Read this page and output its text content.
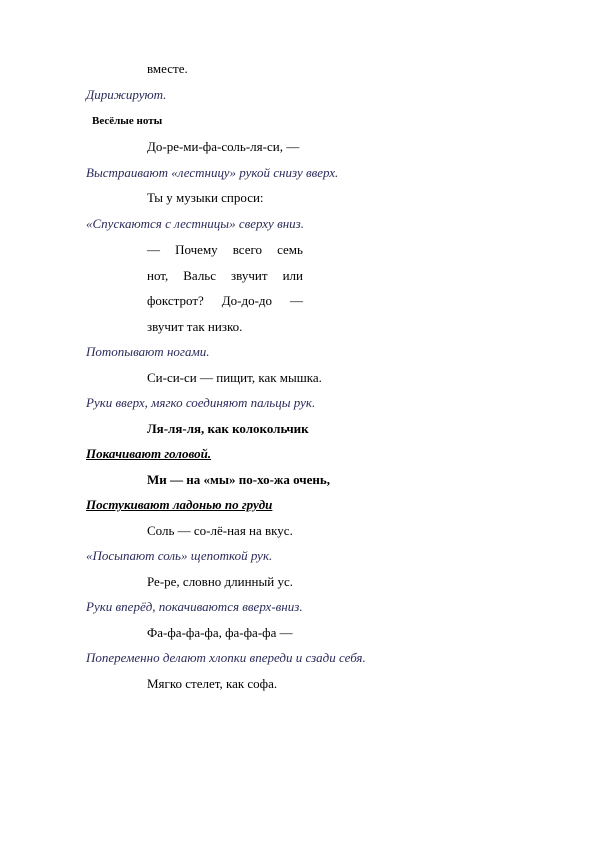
вместе.
Дирижируют.
Весёлые ноты
До-ре-ми-фа-соль-ля-си, —
Выстраивают «лестницу» рукой снизу вверх.
Ты у музыки спроси:
«Спускаются с лестницы» сверху вниз.
— Почему всего семь
нот, Вальс звучит или
фокстрот? До-до-до —
звучит так низко.
Потопывают ногами.
Си-си-си — пищит, как мышка.
Руки вверх, мягко соединяют пальцы рук.
Ля-ля-ля, как колокольчик
Покачивают головой.
Ми — на «мы» по-хо-жа очень,
Постукивают ладонью по груди
Соль — со-лё-ная на вкус.
«Посыпают соль» щепоткой рук.
Ре-ре, словно длинный ус.
Руки вперёд, покачиваются вверх-вниз.
Фа-фа-фа-фа, фа-фа-фа —
Попеременно делают хлопки впереди и сзади себя.
Мягко стелет, как софа.
